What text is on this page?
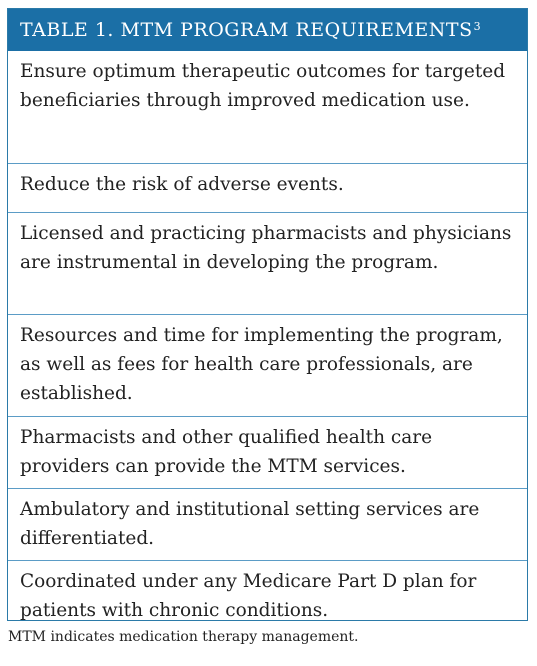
TABLE 1. MTM PROGRAM REQUIREMENTS$^3$
Ensure optimum therapeutic outcomes for targeted beneficiaries through improved medication use.
Reduce the risk of adverse events.
Licensed and practicing pharmacists and physicians are instrumental in developing the program.
Resources and time for implementing the program, as well as fees for health care professionals, are established.
Pharmacists and other qualified health care providers can provide the MTM services.
Ambulatory and institutional setting services are differentiated.
Coordinated under any Medicare Part D plan for patients with chronic conditions.
MTM indicates medication therapy management.
